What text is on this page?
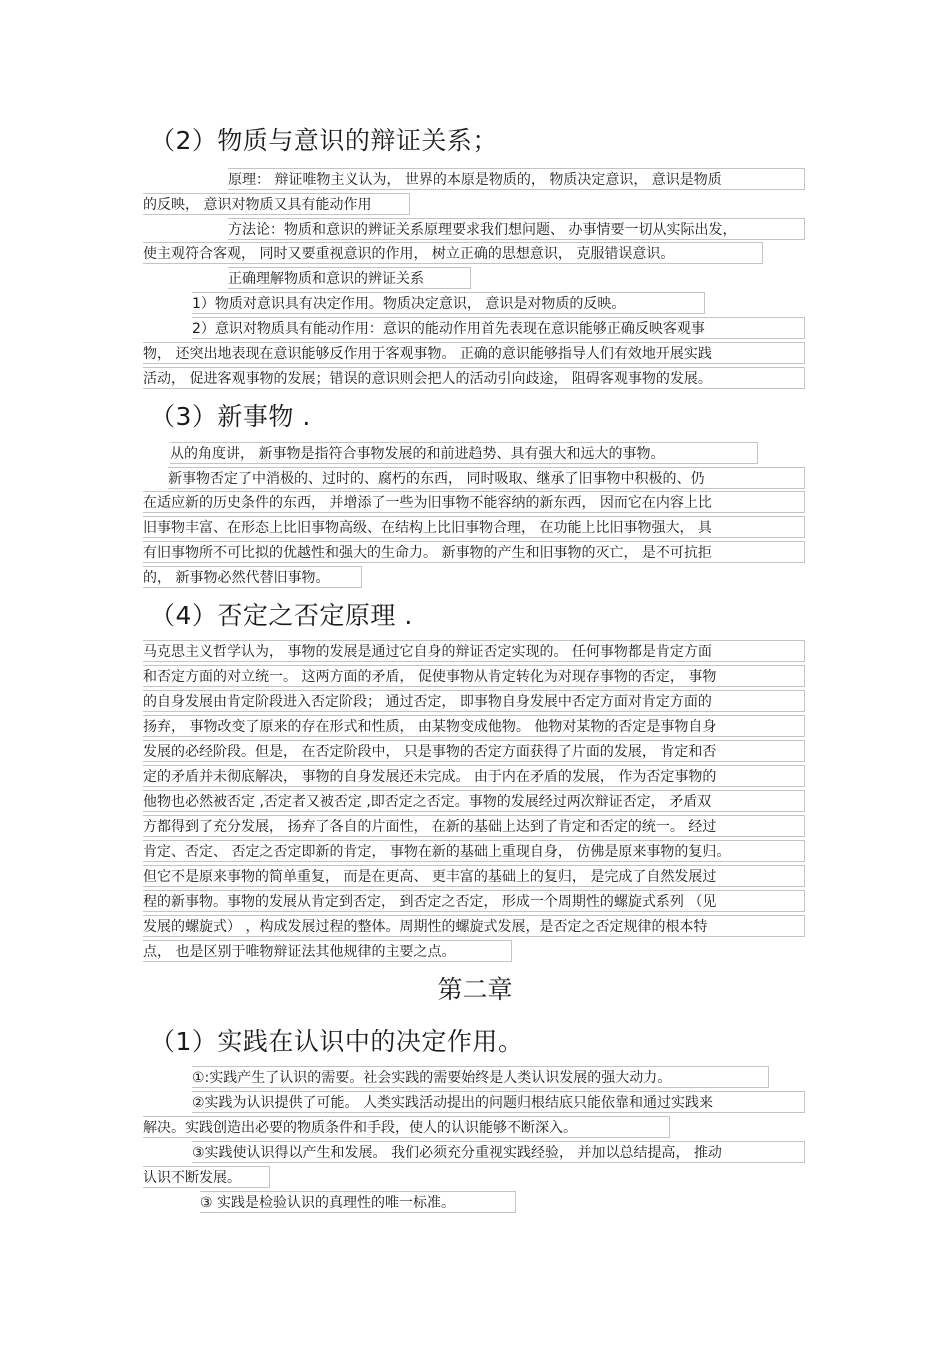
（2）物质与意识的辩证关系；
原理： 辩证唯物主义认为， 世界的本原是物质的， 物质决定意识， 意识是物质
的反映， 意识对物质又具有能动作用
方法论：物质和意识的辨证关系原理要求我们想问题、 办事情要一切从实际出发，
使主观符合客观， 同时又要重视意识的作用， 树立正确的思想意识， 克服错误意识。
正确理解物质和意识的辨证关系
1）物质对意识具有决定作用。物质决定意识， 意识是对物质的反映。
2）意识对物质具有能动作用：意识的能动作用首先表现在意识能够正确反映客观事
物， 还突出地表现在意识能够反作用于客观事物。 正确的意识能够指导人们有效地开展实践
活动， 促进客观事物的发展；错误的意识则会把人的活动引向歧途， 阻碍客观事物的发展。
（3）新事物 .
从的角度讲， 新事物是指符合事物发展的和前进趋势、具有强大和远大的事物。
新事物否定了中消极的、过时的、腐朽的东西， 同时吸取、继承了旧事物中积极的、仍
在适应新的历史条件的东西， 并增添了一些为旧事物不能容纳的新东西， 因而它在内容上比
旧事物丰富、在形态上比旧事物高级、在结构上比旧事物合理， 在功能上比旧事物强大， 具
有旧事物所不可比拟的优越性和强大的生命力。 新事物的产生和旧事物的灭亡， 是不可抗拒
的， 新事物必然代替旧事物。
（4）否定之否定原理 .
马克思主义哲学认为， 事物的发展是通过它自身的辩证否定实现的。 任何事物都是肯定方面
和否定方面的对立统一。 这两方面的矛盾， 促使事物从肯定转化为对现存事物的否定， 事物
的自身发展由肯定阶段进入否定阶段； 通过否定， 即事物自身发展中否定方面对肯定方面的
扬弃， 事物改变了原来的存在形式和性质， 由某物变成他物。 他物对某物的否定是事物自身
发展的必经阶段。但是， 在否定阶段中， 只是事物的否定方面获得了片面的发展， 肯定和否
定的矛盾并未彻底解决， 事物的自身发展还未完成。 由于内在矛盾的发展， 作为否定事物的
他物也必然被否定 ,否定者又被否定 ,即否定之否定。事物的发展经过两次辩证否定， 矛盾双
方都得到了充分发展， 扬弃了各自的片面性， 在新的基础上达到了肯定和否定的统一。 经过
肯定、否定、 否定之否定即新的肯定， 事物在新的基础上重现自身， 仿佛是原来事物的复归。
但它不是原来事物的简单重复， 而是在更高、 更丰富的基础上的复归， 是完成了自然发展过
程的新事物。事物的发展从肯定到否定， 到否定之否定， 形成一个周期性的螺旋式系列 （见
发展的螺旋式） ，构成发展过程的整体。周期性的螺旋式发展，是否定之否定规律的根本特
点， 也是区别于唯物辩证法其他规律的主要之点。
第二章
（1）实践在认识中的决定作用。
①:实践产生了认识的需要。社会实践的需要始终是人类认识发展的强大动力。
②实践为认识提供了可能。 人类实践活动提出的问题归根结底只能依靠和通过实践来
解决。实践创造出必要的物质条件和手段，使人的认识能够不断深入。
③实践使认识得以产生和发展。 我们必须充分重视实践经验， 并加以总结提高， 推动
认识不断发展。
③ 实践是检验认识的真理性的唯一标准。
